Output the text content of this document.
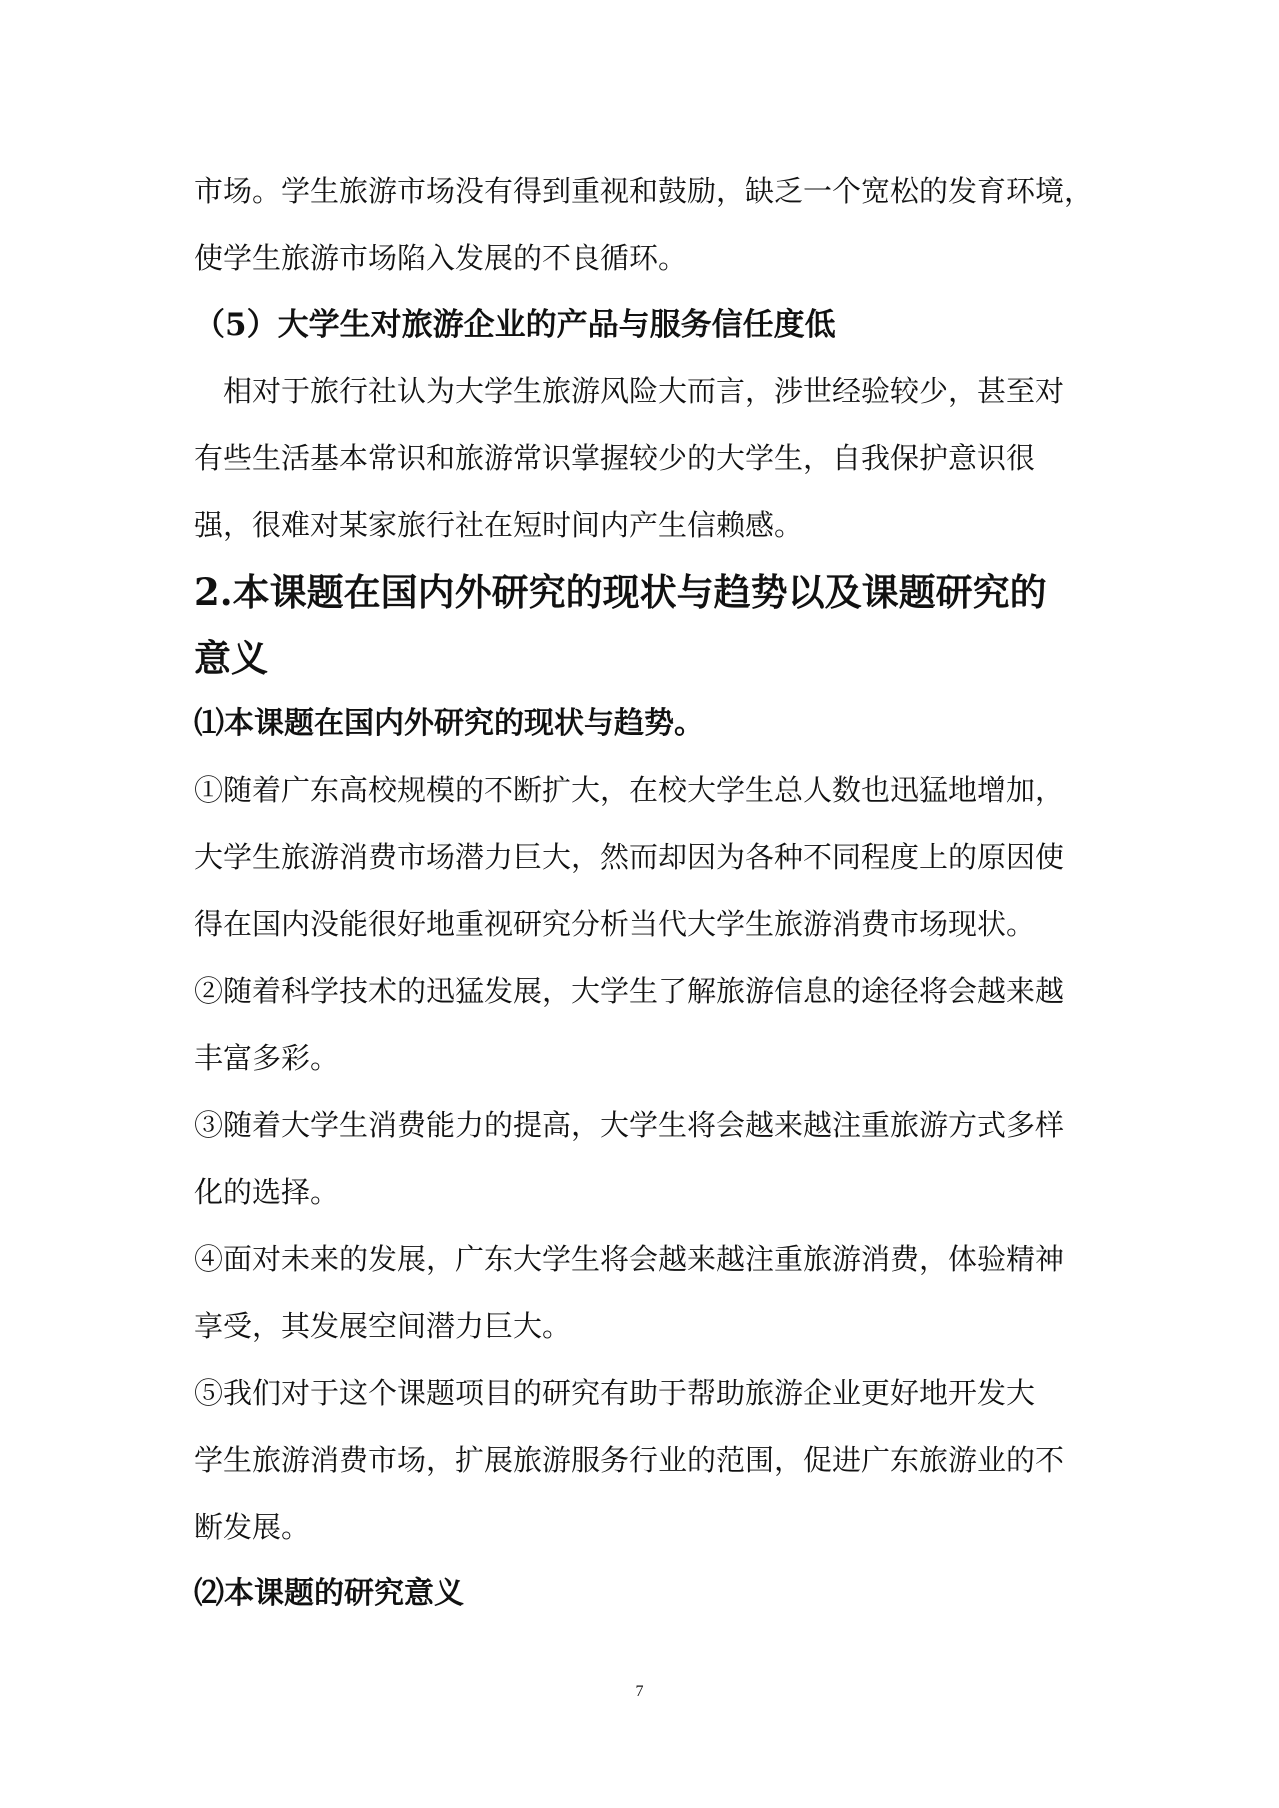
市场。学生旅游市场没有得到重视和鼓励，缺乏一个宽松的发育环境，

使学生旅游市场陷入发展的不良循环。

（5）大学生对旅游企业的产品与服务信任度低

相对于旅行社认为大学生旅游风险大而言，涉世经验较少，甚至对

有些生活基本常识和旅游常识掌握较少的大学生，自我保护意识很

强，很难对某家旅行社在短时间内产生信赖感。

2.本课题在国内外研究的现状与趋势以及课题研究的

意义

⑴本课题在国内外研究的现状与趋势。

①随着广东高校规模的不断扩大，在校大学生总人数也迅猛地增加，

大学生旅游消费市场潜力巨大，然而却因为各种不同程度上的原因使

得在国内没能很好地重视研究分析当代大学生旅游消费市场现状。

②随着科学技术的迅猛发展，大学生了解旅游信息的途径将会越来越

丰富多彩。

③随着大学生消费能力的提高，大学生将会越来越注重旅游方式多样

化的选择。

④面对未来的发展，广东大学生将会越来越注重旅游消费，体验精神

享受，其发展空间潜力巨大。

⑤我们对于这个课题项目的研究有助于帮助旅游企业更好地开发大

学生旅游消费市场，扩展旅游服务行业的范围，促进广东旅游业的不

断发展。

⑵本课题的研究意义

7
